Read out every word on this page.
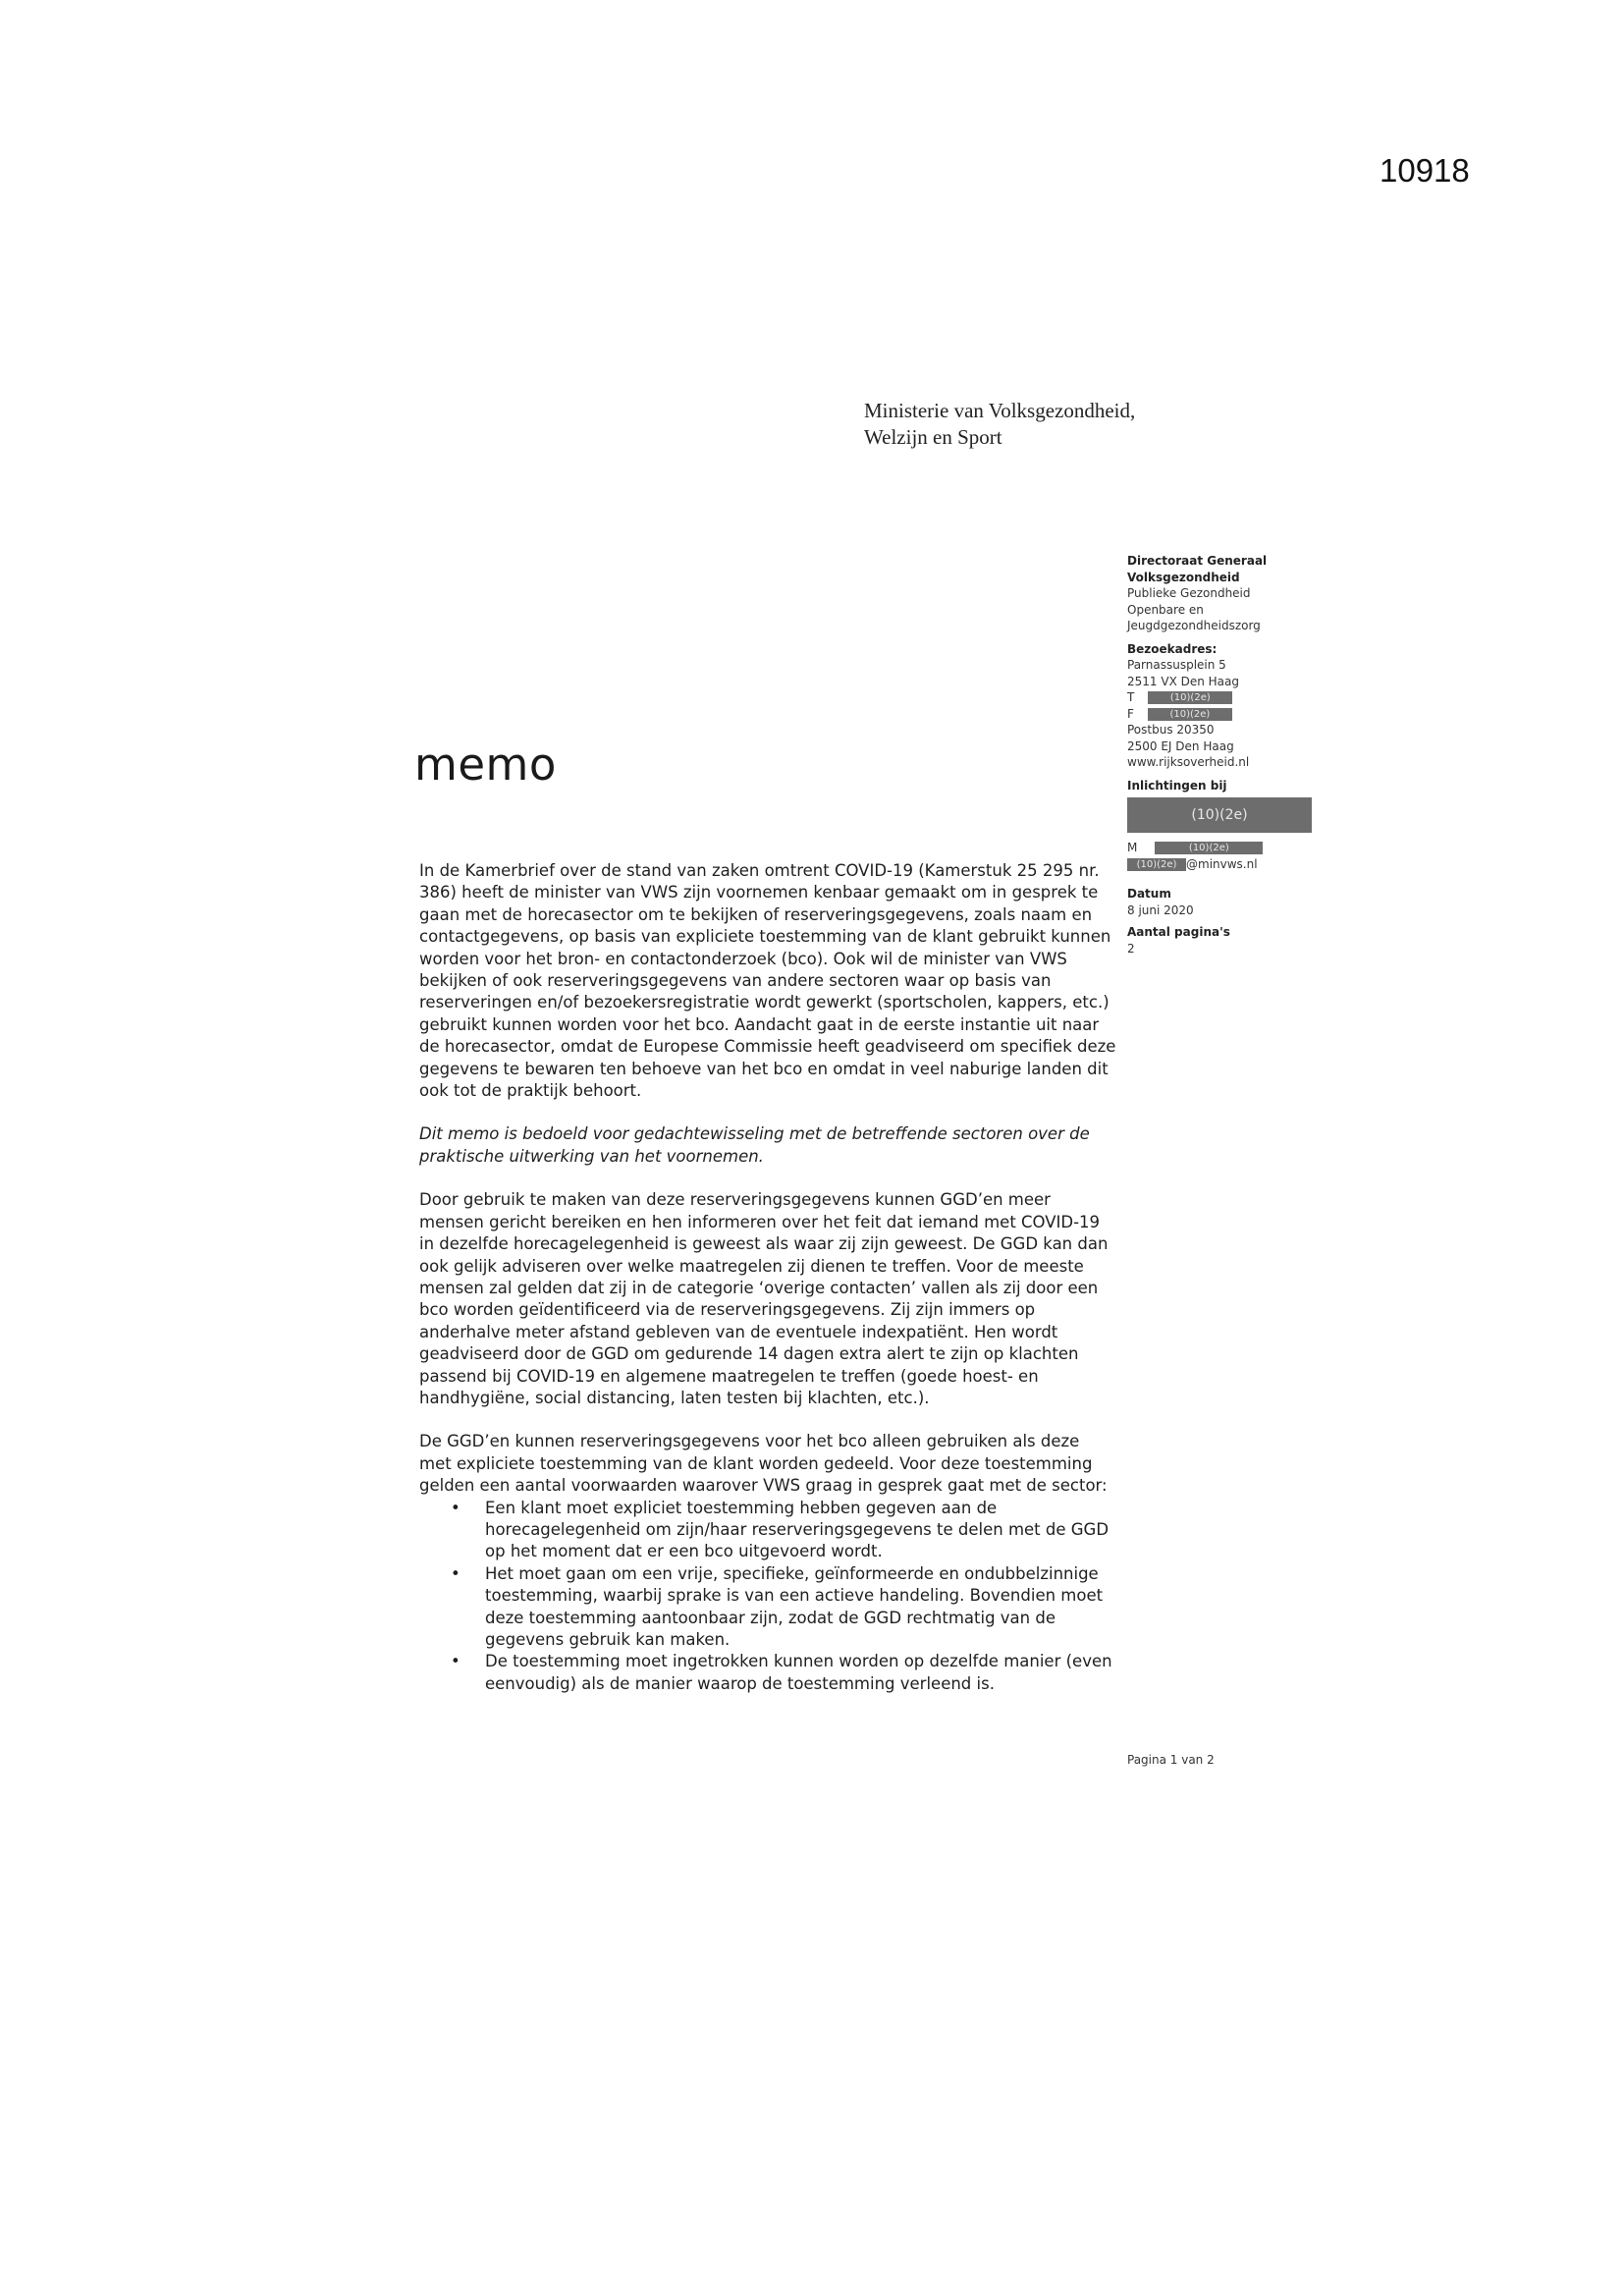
10918
Ministerie van Volksgezondheid,
Welzijn en Sport
Directoraat Generaal
Volksgezondheid
Publieke Gezondheid
Openbare en
Jeugdgezondheidszorg
Bezoekadres:
Parnassusplein 5
2511 VX Den Haag
T	(10)(2e)
F	(10)(2e)
Postbus 20350
2500 EJ Den Haag
www.rijksoverheid.nl
Inlichtingen bij
(10)(2e)
M	(10)(2e)
(10)(2e) @minvws.nl
Datum
8 juni 2020
Aantal pagina's
2
memo

In de Kamerbrief over de stand van zaken omtrent COVID-19 (Kamerstuk 25 295 nr. 386) heeft de minister van VWS zijn voornemen kenbaar gemaakt om in gesprek te gaan met de horecasector om te bekijken of reserveringsgegevens, zoals naam en contactgegevens, op basis van expliciete toestemming van de klant gebruikt kunnen worden voor het bron- en contactonderzoek (bco). Ook wil de minister van VWS bekijken of ook reserveringsgegevens van andere sectoren waar op basis van reserveringen en/of bezoekersregistratie wordt gewerkt (sportscholen, kappers, etc.) gebruikt kunnen worden voor het bco. Aandacht gaat in de eerste instantie uit naar de horecasector, omdat de Europese Commissie heeft geadviseerd om specifiek deze gegevens te bewaren ten behoeve van het bco en omdat in veel naburige landen dit ook tot de praktijk behoort.

Dit memo is bedoeld voor gedachtewisseling met de betreffende sectoren over de praktische uitwerking van het voornemen.

Door gebruik te maken van deze reserveringsgegevens kunnen GGD’en meer mensen gericht bereiken en hen informeren over het feit dat iemand met COVID-19 in dezelfde horecagelegenheid is geweest als waar zij zijn geweest. De GGD kan dan ook gelijk adviseren over welke maatregelen zij dienen te treffen. Voor de meeste mensen zal gelden dat zij in de categorie ‘overige contacten’ vallen als zij door een bco worden geïdentificeerd via de reserveringsgegevens. Zij zijn immers op anderhalve meter afstand gebleven van de eventuele indexpatiënt. Hen wordt geadviseerd door de GGD om gedurende 14 dagen extra alert te zijn op klachten passend bij COVID-19 en algemene maatregelen te treffen (goede hoest- en handhygiëne, social distancing, laten testen bij klachten, etc.).

De GGD’en kunnen reserveringsgegevens voor het bco alleen gebruiken als deze met expliciete toestemming van de klant worden gedeeld. Voor deze toestemming gelden een aantal voorwaarden waarover VWS graag in gesprek gaat met de sector:

• Een klant moet expliciet toestemming hebben gegeven aan de horecagelegenheid om zijn/haar reserveringsgegevens te delen met de GGD op het moment dat er een bco uitgevoerd wordt.
• Het moet gaan om een vrije, specifieke, geïnformeerde en ondubbelzinnige toestemming, waarbij sprake is van een actieve handeling. Bovendien moet deze toestemming aantoonbaar zijn, zodat de GGD rechtmatig van de gegevens gebruik kan maken.
• De toestemming moet ingetrokken kunnen worden op dezelfde manier (even eenvoudig) als de manier waarop de toestemming verleend is.
Pagina 1 van 2
